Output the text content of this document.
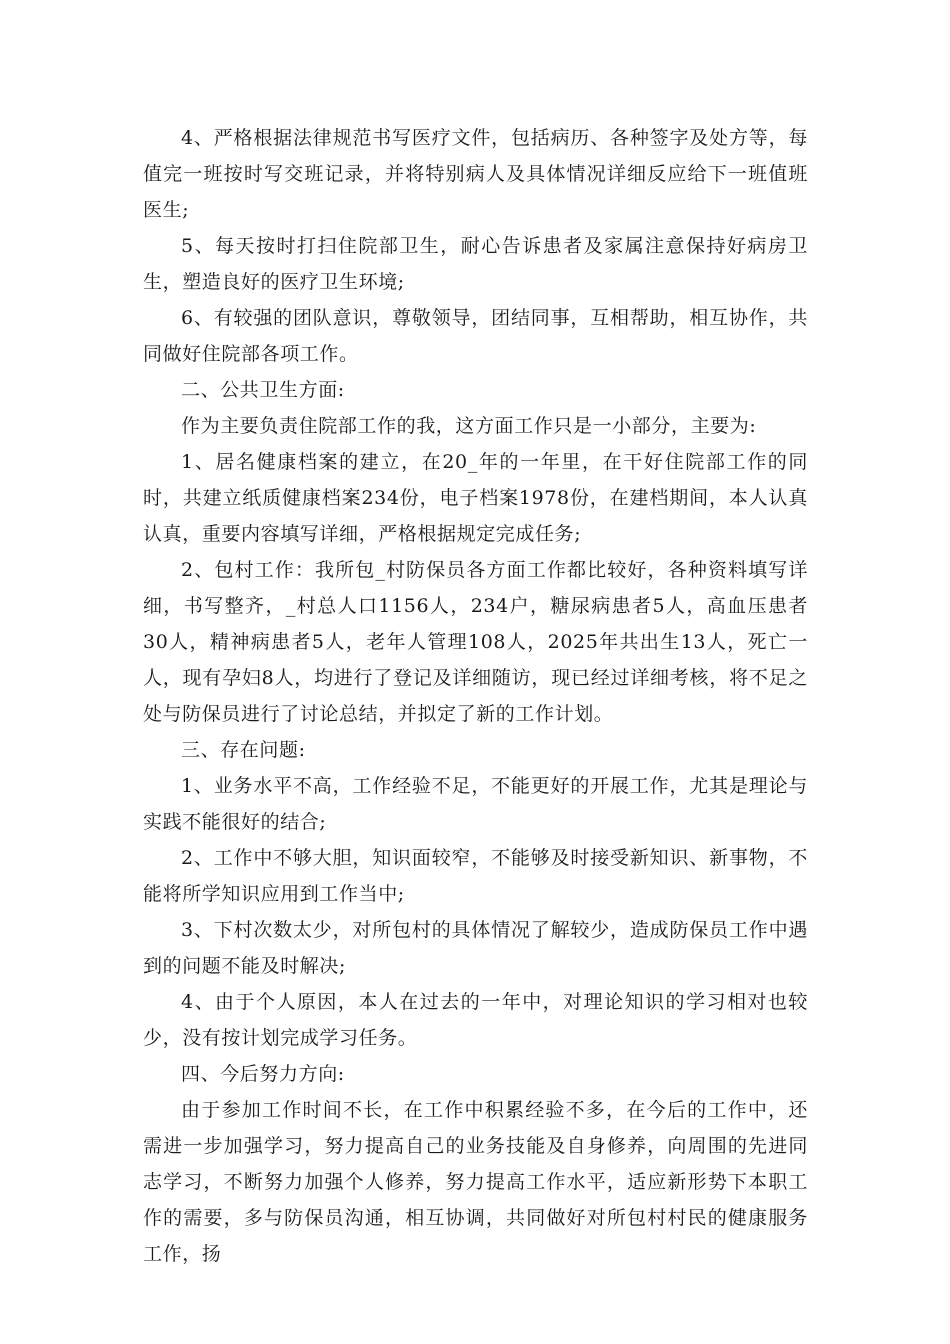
4、严格根据法律规范书写医疗文件，包括病历、各种签字及处方等，每值完一班按时写交班记录，并将特别病人及具体情况详细反应给下一班值班医生;

5、每天按时打扫住院部卫生，耐心告诉患者及家属注意保持好病房卫生，塑造良好的医疗卫生环境;

6、有较强的团队意识，尊敬领导，团结同事，互相帮助，相互协作，共同做好住院部各项工作。

二、公共卫生方面:

作为主要负责住院部工作的我，这方面工作只是一小部分，主要为:

1、居名健康档案的建立，在20_年的一年里，在干好住院部工作的同时，共建立纸质健康档案234份，电子档案1978份，在建档期间，本人认真认真，重要内容填写详细，严格根据规定完成任务;

2、包村工作：我所包_村防保员各方面工作都比较好，各种资料填写详细，书写整齐，_村总人口1156人，234户，糖尿病患者5人，高血压患者30人，精神病患者5人，老年人管理108人，2025年共出生13人，死亡一人，现有孕妇8人，均进行了登记及详细随访，现已经过详细考核，将不足之处与防保员进行了讨论总结，并拟定了新的工作计划。

三、存在问题:

1、业务水平不高，工作经验不足，不能更好的开展工作，尤其是理论与实践不能很好的结合;

2、工作中不够大胆，知识面较窄，不能够及时接受新知识、新事物，不能将所学知识应用到工作当中;

3、下村次数太少，对所包村的具体情况了解较少，造成防保员工作中遇到的问题不能及时解决;

4、由于个人原因，本人在过去的一年中，对理论知识的学习相对也较少，没有按计划完成学习任务。

四、今后努力方向:

由于参加工作时间不长，在工作中积累经验不多，在今后的工作中，还需进一步加强学习，努力提高自己的业务技能及自身修养，向周围的先进同志学习，不断努力加强个人修养，努力提高工作水平，适应新形势下本职工作的需要，多与防保员沟通，相互协调，共同做好对所包村村民的健康服务工作，扬
